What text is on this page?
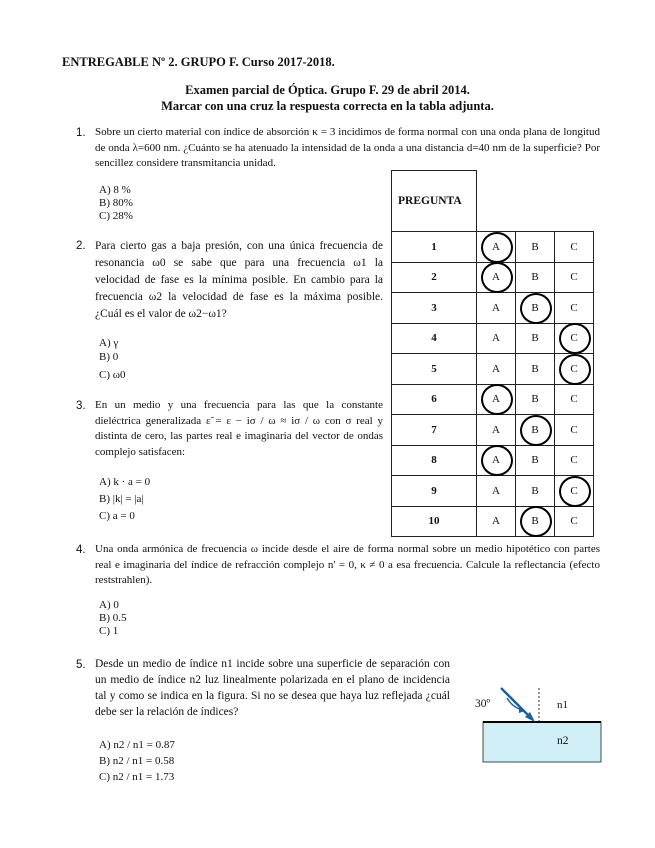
ENTREGABLE Nº 2. GRUPO F. Curso 2017-2018.
Examen parcial de Óptica. Grupo F. 29 de abril 2014.
Marcar con una cruz la respuesta correcta en la tabla adjunta.
1. Sobre un cierto material con índice de absorción κ = 3 incidimos de forma normal con una onda plana de longitud de onda λ=600 nm. ¿Cuánto se ha atenuado la intensidad de la onda a una distancia d=40 nm de la superficie? Por sencillez considere transmitancia unidad.
A) 8 %
B) 80%
C) 28%
2. Para cierto gas a baja presión, con una única frecuencia de resonancia ω0 se sabe que para una frecuencia ω1 la velocidad de fase es la mínima posible. En cambio para la frecuencia ω2 la velocidad de fase es la máxima posible. ¿Cuál es el valor de ω2−ω1?
A) γ
B) 0
C) ω0
3. En un medio y una frecuencia para las que la constante dieléctrica generalizada ε̃ = ε − iσ / ω ≈ iσ / ω con σ real y distinta de cero, las partes real e imaginaria del vector de ondas complejo satisfacen:
A) k · a = 0
B) |k| = |a|
C) a = 0
PREGUNTA			
1	A	B	C
2	A	B	C
3	A	B	C
4	A	B	C

5	A	B	C

6	A	B	C
7	A	B	C
8	A	B	C
9	A	B	C

10	A	B	C
4. Una onda armónica de frecuencia ω incide desde el aire de forma normal sobre un medio hipotético con partes real e imaginaria del índice de refracción complejo n' = 0, κ ≠ 0 a esa frecuencia. Calcule la reflectancia (efecto reststrahlen).
A) 0
B) 0.5
C) 1
5. Desde un medio de índice n1 incide sobre una superficie de separación con un medio de índice n2 luz linealmente polarizada en el plano de incidencia tal y como se indica en la figura. Si no se desea que haya luz reflejada ¿cuál debe ser la relación de índices?
A) n2 / n1 = 0.87
B) n2 / n1 = 0.58
C) n2 / n1 = 1.73
30º	n1
n2
